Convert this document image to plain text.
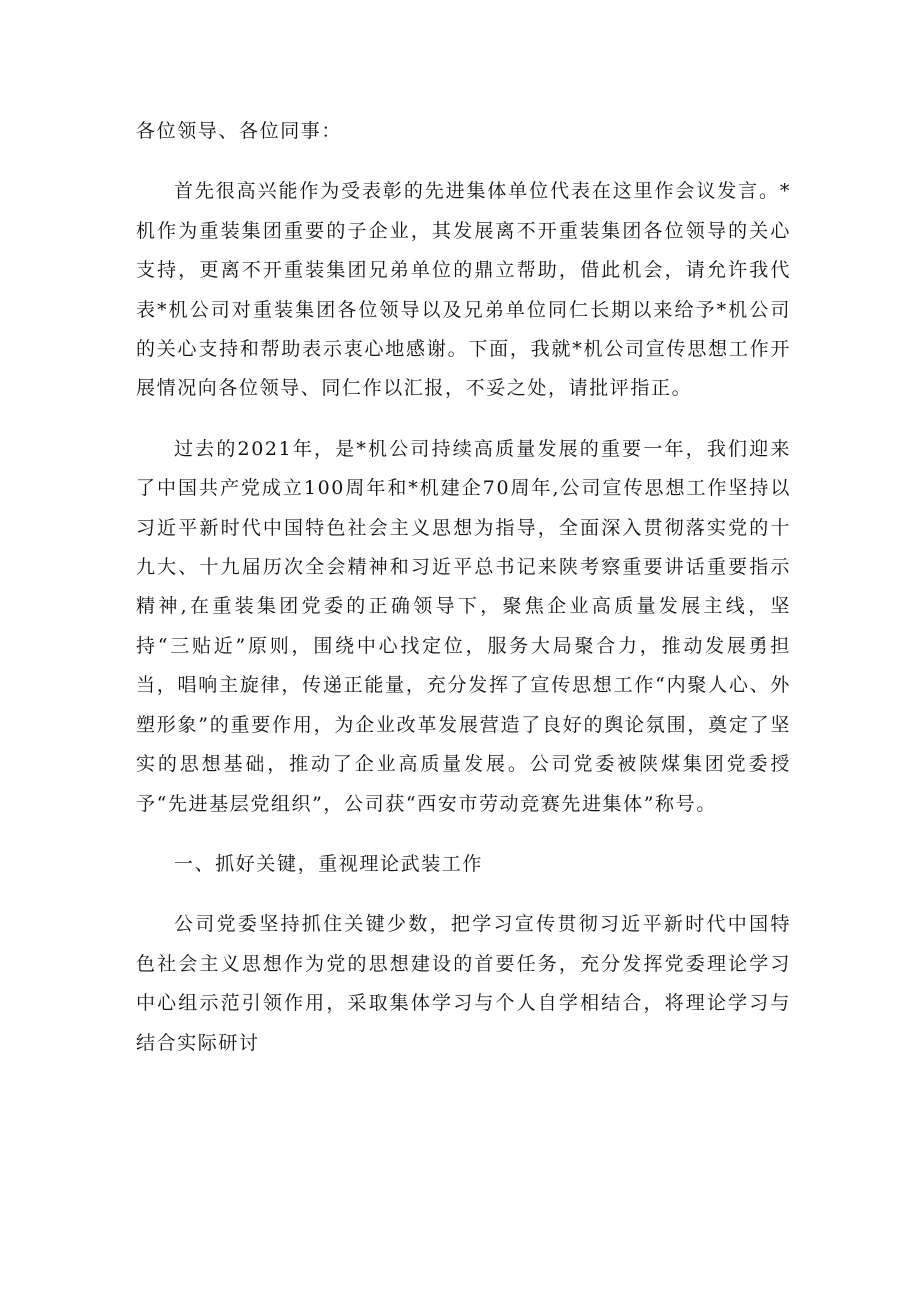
各位领导、各位同事：

首先很高兴能作为受表彰的先进集体单位代表在这里作会议发言。*机作为重装集团重要的子企业，其发展离不开重装集团各位领导的关心支持，更离不开重装集团兄弟单位的鼎立帮助，借此机会，请允许我代表*机公司对重装集团各位领导以及兄弟单位同仁长期以来给予*机公司的关心支持和帮助表示衷心地感谢。下面，我就*机公司宣传思想工作开展情况向各位领导、同仁作以汇报，不妥之处，请批评指正。

过去的2021年，是*机公司持续高质量发展的重要一年，我们迎来了中国共产党成立100周年和*机建企70周年,公司宣传思想工作坚持以习近平新时代中国特色社会主义思想为指导，全面深入贯彻落实党的十九大、十九届历次全会精神和习近平总书记来陕考察重要讲话重要指示精神,在重装集团党委的正确领导下，聚焦企业高质量发展主线，坚持“三贴近”原则，围绕中心找定位，服务大局聚合力，推动发展勇担当，唱响主旋律，传递正能量，充分发挥了宣传思想工作“内聚人心、外塑形象”的重要作用，为企业改革发展营造了良好的舆论氛围，奠定了坚实的思想基础，推动了企业高质量发展。公司党委被陕煤集团党委授予“先进基层党组织”，公司获“西安市劳动竞赛先进集体”称号。

一、抓好关键，重视理论武装工作

公司党委坚持抓住关键少数，把学习宣传贯彻习近平新时代中国特色社会主义思想作为党的思想建设的首要任务，充分发挥党委理论学习中心组示范引领作用，采取集体学习与个人自学相结合，将理论学习与结合实际研讨
